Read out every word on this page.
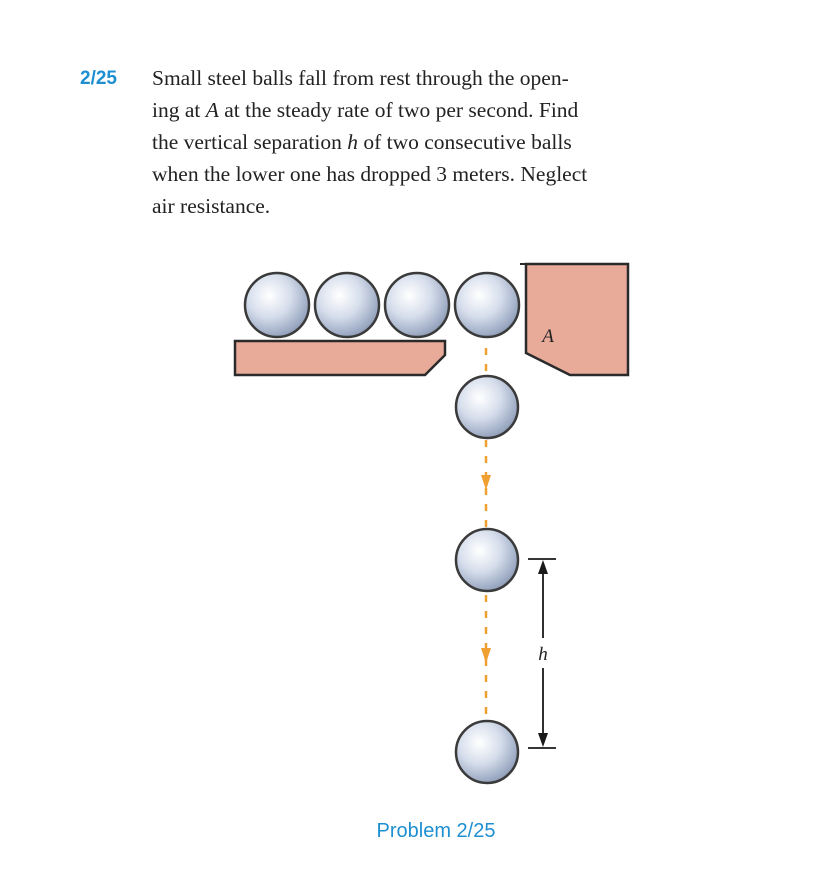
2/25 Small steel balls fall from rest through the open-
ing at A at the steady rate of two per second. Find
the vertical separation h of two consecutive balls
when the lower one has dropped 3 meters. Neglect
air resistance.
A
h
Problem 2/25
